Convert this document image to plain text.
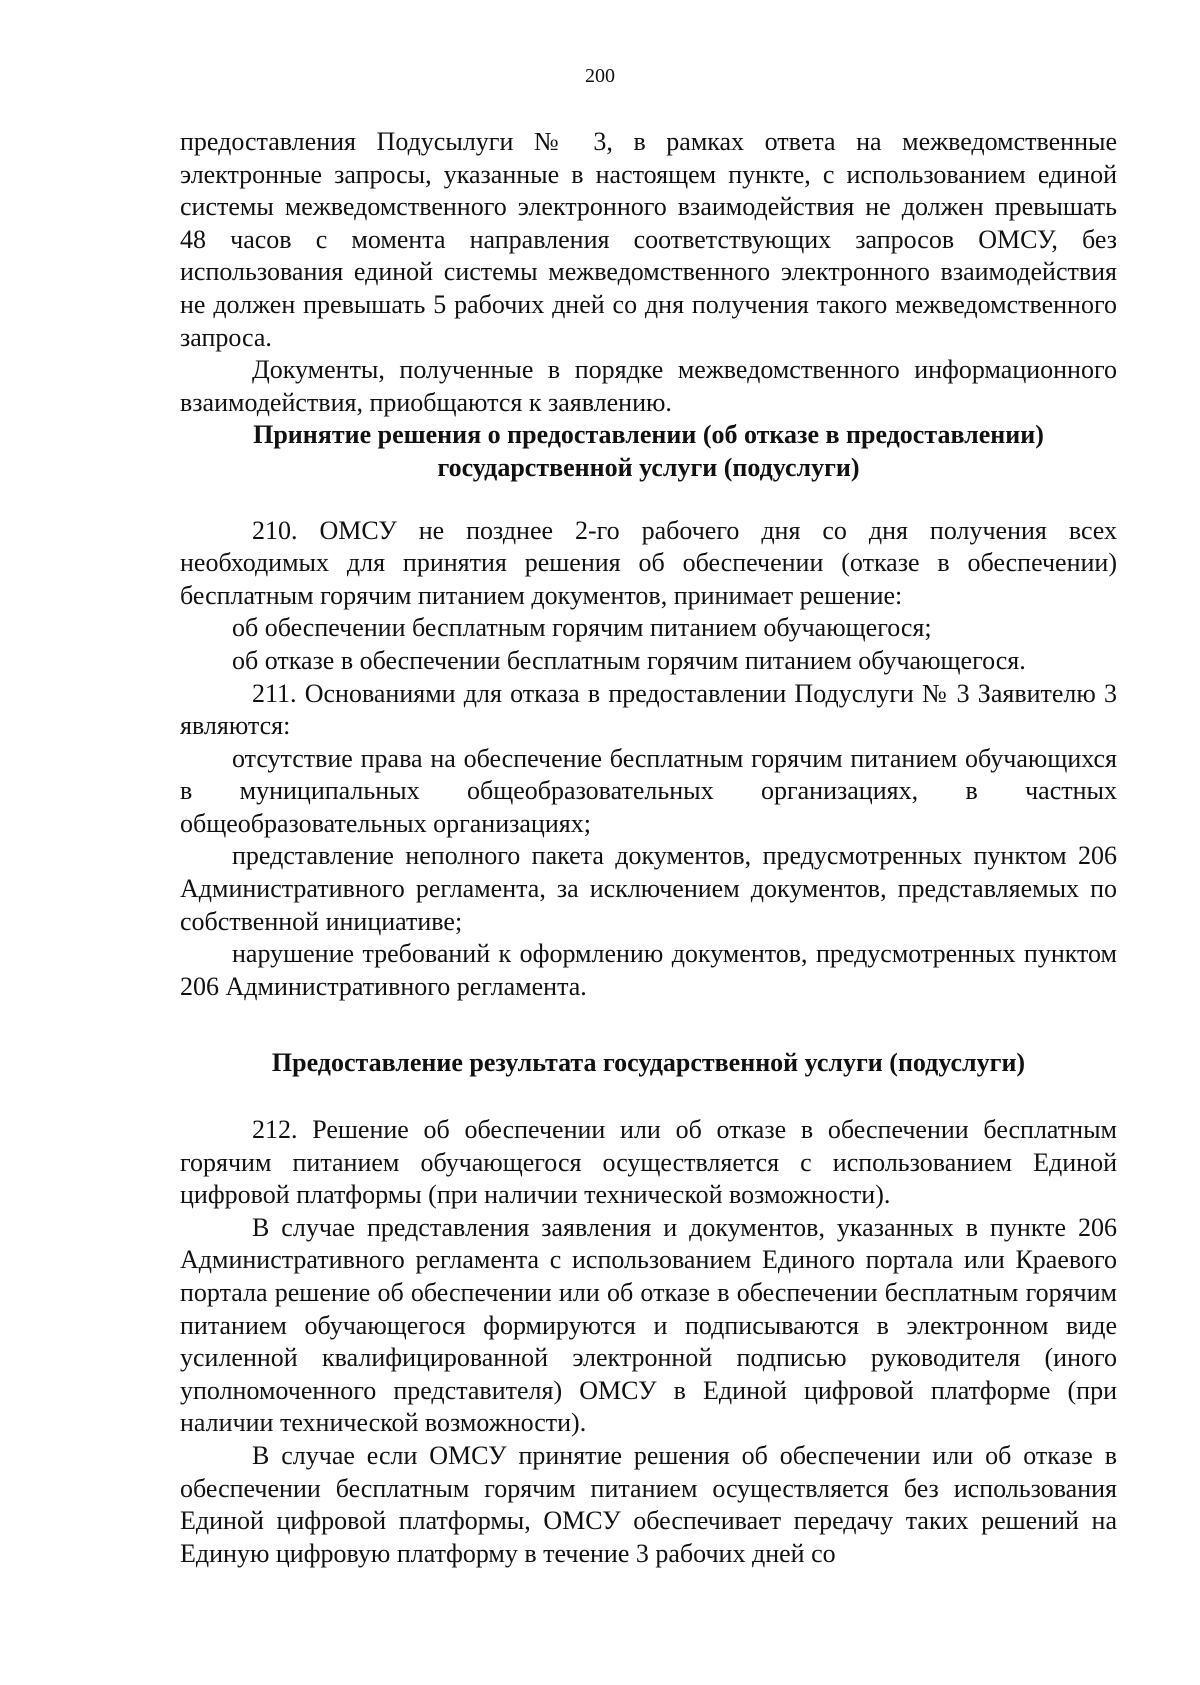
200

предоставления Подусылуги № 3, в рамках ответа на межведомственные электронные запросы, указанные в настоящем пункте, с использованием единой системы межведомственного электронного взаимодействия не должен превышать 48 часов с момента направления соответствующих запросов ОМСУ, без использования единой системы межведомственного электронного взаимодействия не должен превышать 5 рабочих дней со дня получения такого межведомственного запроса.

Документы, полученные в порядке межведомственного информационного взаимодействия, приобщаются к заявлению.

Принятие решения о предоставлении (об отказе в предоставлении)

государственной услуги (подуслуги)

210. ОМСУ не позднее 2-го рабочего дня со дня получения всех необходимых для принятия решения об обеспечении (отказе в обеспечении) бесплатным горячим питанием документов, принимает решение:

об обеспечении бесплатным горячим питанием обучающегося;

об отказе в обеспечении бесплатным горячим питанием обучающегося.

211. Основаниями для отказа в предоставлении Подуслуги № 3 Заявителю 3 являются:

отсутствие права на обеспечение бесплатным горячим питанием обучающихся в муниципальных общеобразовательных организациях, в частных общеобразовательных организациях;

представление неполного пакета документов, предусмотренных пунктом 206 Административного регламента, за исключением документов, представляемых по собственной инициативе;

нарушение требований к оформлению документов, предусмотренных пунктом 206 Административного регламента.

Предоставление результата государственной услуги (подуслуги)

212. Решение об обеспечении или об отказе в обеспечении бесплатным горячим питанием обучающегося осуществляется с использованием Единой цифровой платформы (при наличии технической возможности).

В случае представления заявления и документов, указанных в пункте 206 Административного регламента с использованием Единого портала или Краевого портала решение об обеспечении или об отказе в обеспечении бесплатным горячим питанием обучающегося формируются и подписываются в электронном виде усиленной квалифицированной электронной подписью руководителя (иного уполномоченного представителя) ОМСУ в Единой цифровой платформе (при наличии технической возможности).

В случае если ОМСУ принятие решения об обеспечении или об отказе в обеспечении бесплатным горячим питанием осуществляется без использования Единой цифровой платформы, ОМСУ обеспечивает передачу таких решений на Единую цифровую платформу в течение 3 рабочих дней со
